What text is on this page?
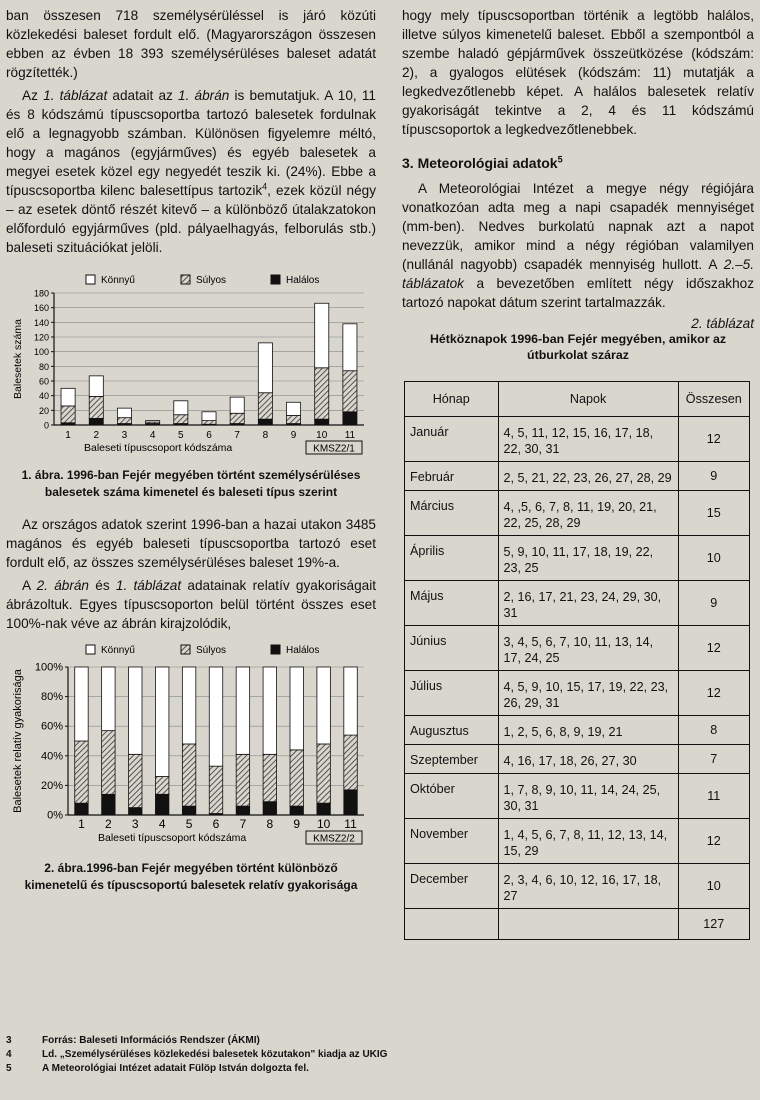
ban összesen 718 személysérüléssel is járó közúti közlekedési baleset fordult elő. (Magyarországon összesen ebben az évben 18 393 személysérüléses baleset adatát rögzítették.)

Az 1. táblázat adatait az 1. ábrán is bemutatjuk. A 10, 11 és 8 kódszámú típuscsoportba tartozó balesetek fordulnak elő a legnagyobb számban. Különösen figyelemre méltó, hogy a magános (egyjárműves) és egyéb balesetek a megyei esetek közel egy negyedét teszik ki. (24%). Ebbe a típuscsoportba kilenc balesettípus tartozik$^4$, ezek közül négy – az esetek döntő részét kitevő – a különböző útalakzatokon előforduló egyjárműves (pld. pályaelhagyás, felborulás stb.) baleseti szituációkat jelöli.

Könnyű	Súlyos	Halálos
0
20
40
60
80
100
120
140
160
180
1 2 3 4 5 6 7 8 9 10 11
Balesetek száma
Baleseti típuscsoport kódszáma	KMSZ2/1
1. ábra. 1996-ban Fejér megyében történt személysérüléses balesetek száma kimenetel és baleseti típus szerint

Az országos adatok szerint 1996-ban a hazai utakon 3485 magános és egyéb baleseti típuscsoportba tartozó eset fordult elő, az összes személysérüléses baleset 19%-a.

A 2. ábrán és 1. táblázat adatainak relatív gyakoriságait ábrázoltuk. Egyes típuscsoporton belül történt összes eset 100%-nak véve az ábrán kirajzolódik,

Könnyű	Súlyos	Halálos
0%
20%
40%
60%
80%
100%
1 2 3 4 5 6 7 8 9 10 11
Balesetek relatív gyakorisága
Baleseti típuscsoport kódszáma	KMSZ2/2
2. ábra.1996-ban Fejér megyében történt különböző kimenetelű és típuscsoportú balesetek relatív gyakorisága

hogy mely típuscsoportban történik a legtöbb halálos, illetve súlyos kimenetelű baleset. Ebből a szempontból a szembe haladó gépjárművek összeütközése (kódszám: 2), a gyalogos elütések (kódszám: 11) mutatják a legkedvezőtlenebb képet. A halálos balesetek relatív gyakoriságát tekintve a 2, 4 és 11 kódszámú típuscsoportok a legkedvezőtlenebbek.

3. Meteorológiai adatok$^5$

A Meteorológiai Intézet a megye négy régiójára vonatkozóan adta meg a napi csapadék mennyiséget (mm-ben). Nedves burkolatú napnak azt a napot nevezzük, amikor mind a négy régióban valamilyen (nullánál nagyobb) csapadék mennyiség hullott. A 2.–5. táblázatok a bevezetőben említett négy időszakhoz tartozó napokat dátum szerint tartalmazzák.

2. táblázat
Hétköznapok 1996-ban Fejér megyében, amikor az útburkolat száraz
Hónap	Napok	Összesen
Január	4, 5, 11, 12, 15, 16, 17, 18, 22, 30, 31	12
Február	2, 5, 21, 22, 23, 26, 27, 28, 29	9
Március	4, ,5, 6, 7, 8, 11, 19, 20, 21, 22, 25, 28, 29	15
Április	5, 9, 10, 11, 17, 18, 19, 22, 23, 25	10
Május	2, 16, 17, 21, 23, 24, 29, 30, 31	9
Június	3, 4, 5, 6, 7, 10, 11, 13, 14, 17, 24, 25	12
Július	4, 5, 9, 10, 15, 17, 19, 22, 23, 26, 29, 31	12
Augusztus	1, 2, 5, 6, 8, 9, 19, 21	8
Szeptember	4, 16, 17, 18, 26, 27, 30	7
Október	1, 7, 8, 9, 10, 11, 14, 24, 25, 30, 31	11
November	1, 4, 5, 6, 7, 8, 11, 12, 13, 14, 15, 29	12
December	2, 3, 4, 6, 10, 12, 16, 17, 18, 27	10
		127
3	Forrás: Baleseti Információs Rendszer (ÁKMI)
4	Ld. „Személysérüléses közlekedési balesetek közutakon" kiadja az UKIG
5	A Meteorológiai Intézet adatait Fülöp István dolgozta fel.
